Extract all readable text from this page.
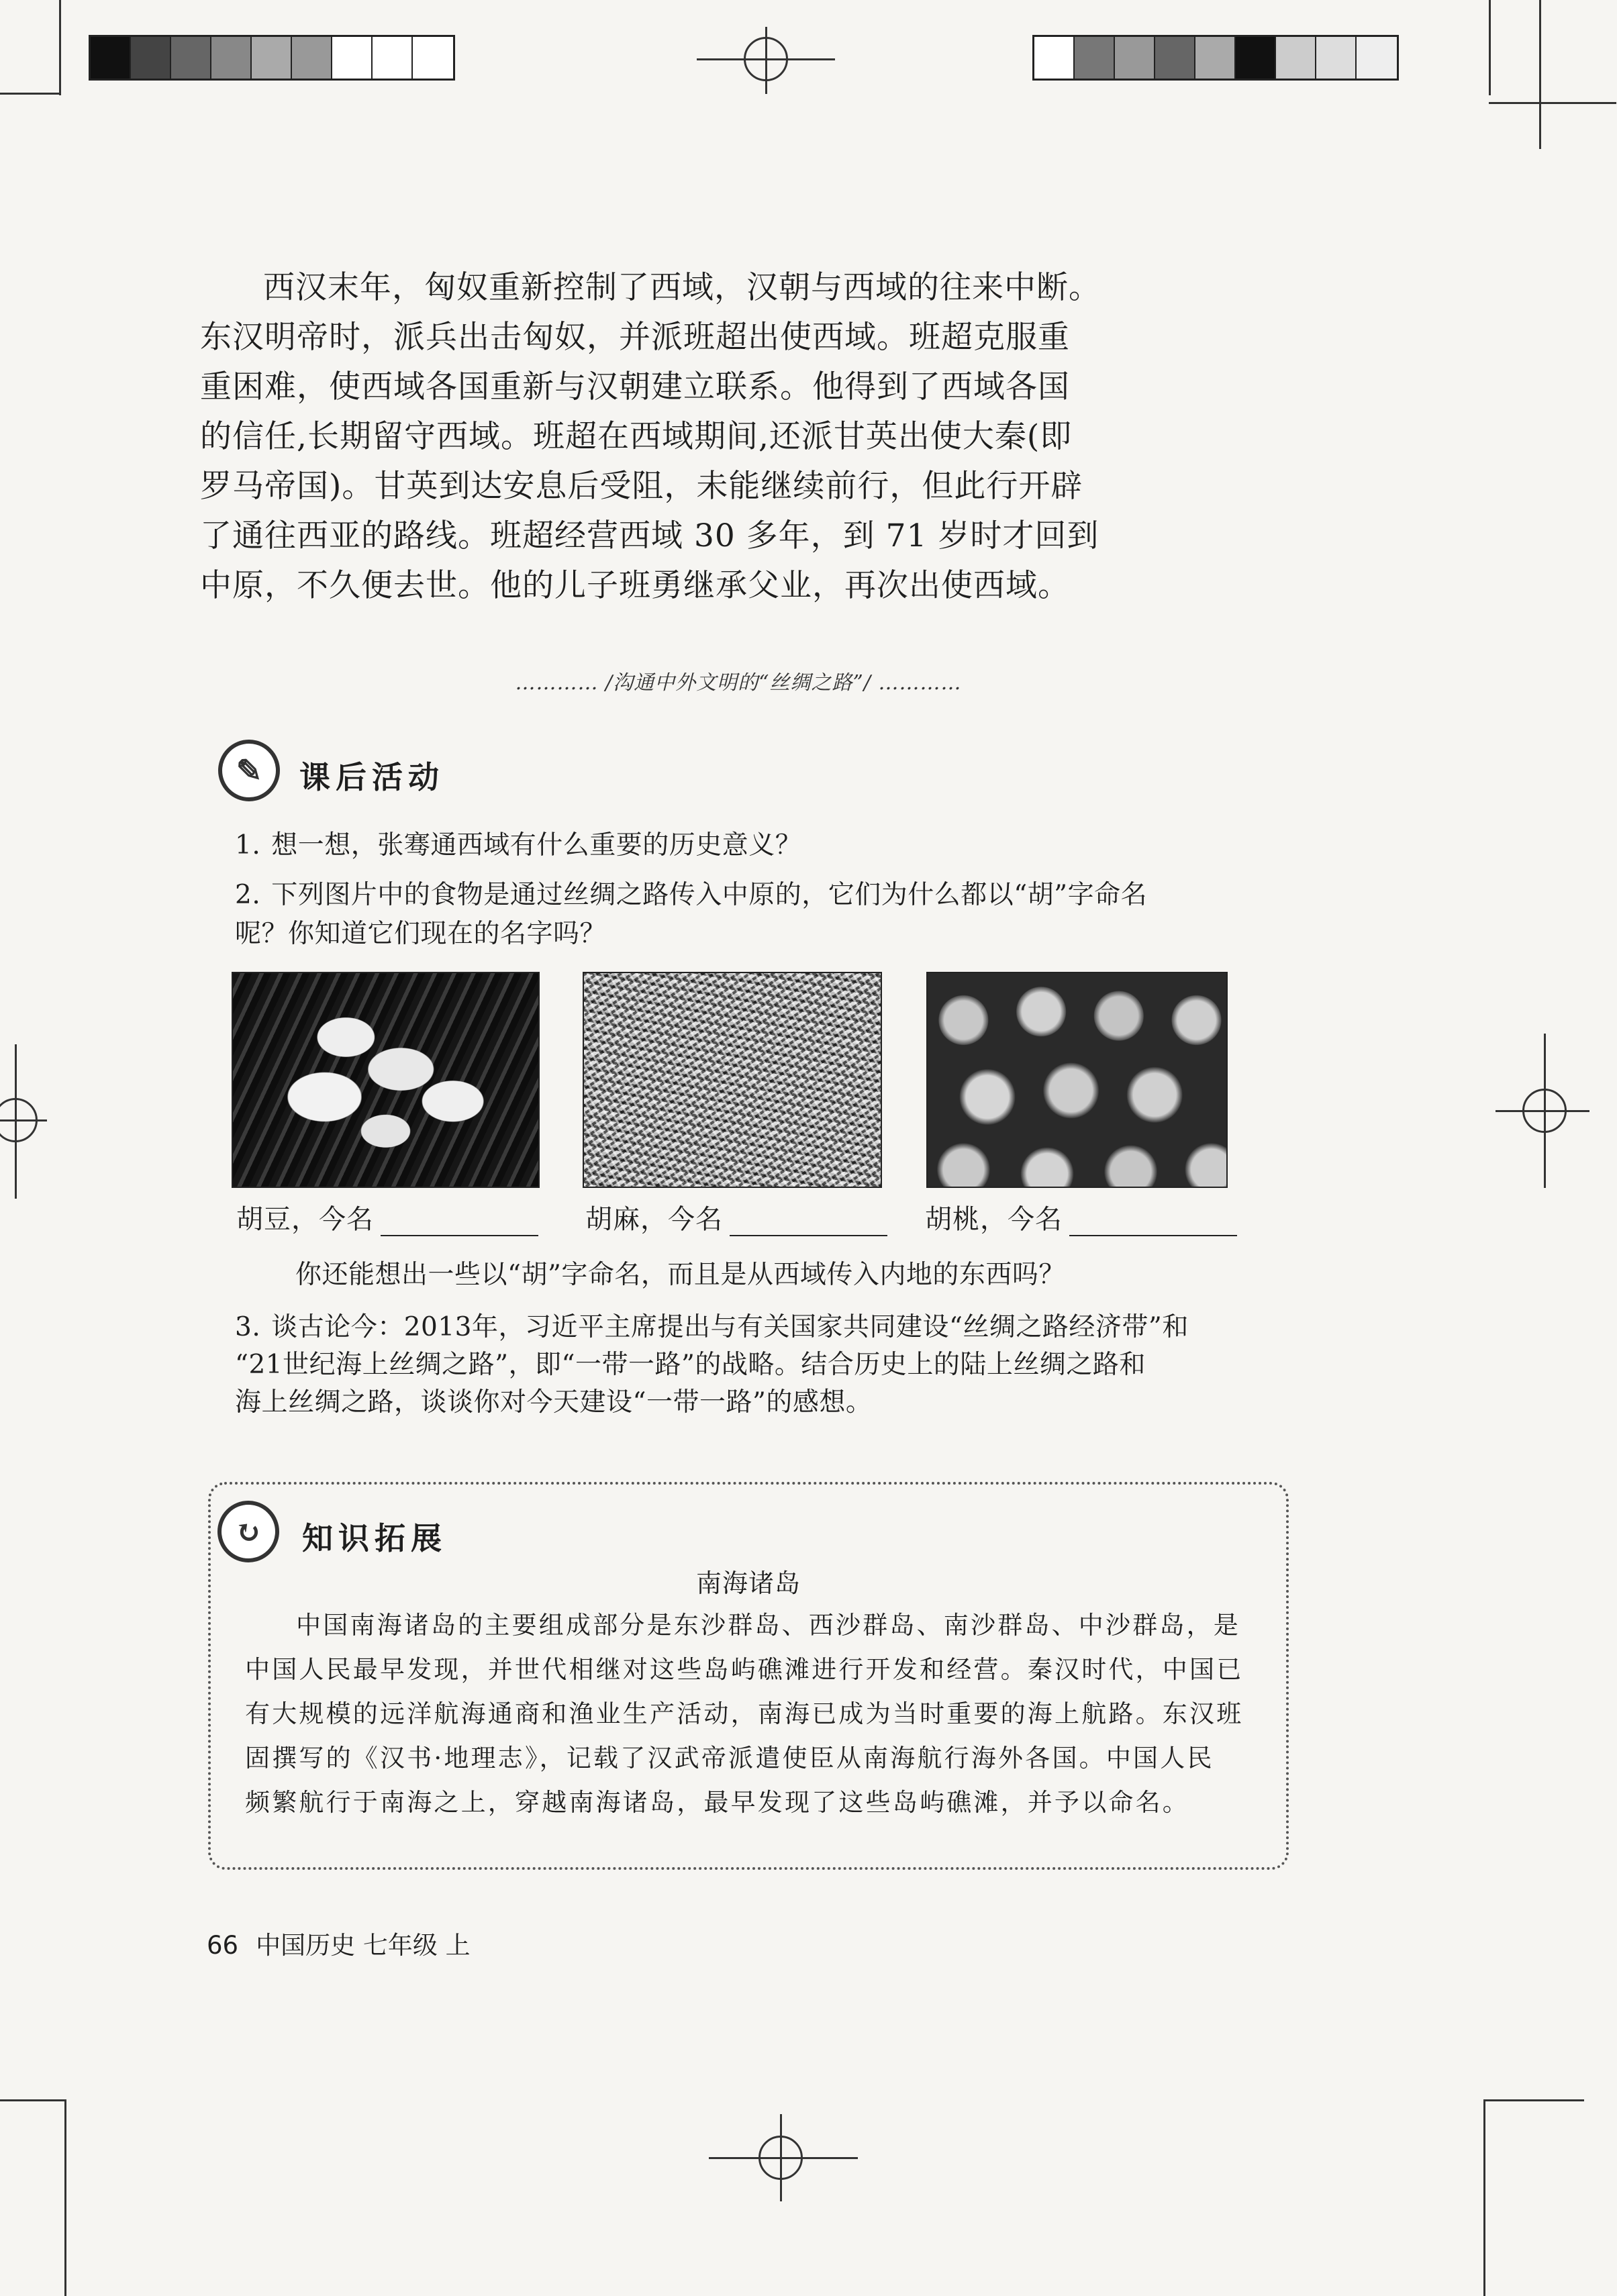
西汉末年，匈奴重新控制了西域，汉朝与西域的往来中断。
东汉明帝时，派兵出击匈奴，并派班超出使西域。班超克服重
重困难，使西域各国重新与汉朝建立联系。他得到了西域各国
的信任,长期留守西域。班超在西域期间,还派甘英出使大秦(即
罗马帝国)。甘英到达安息后受阻，未能继续前行，但此行开辟
了通往西亚的路线。班超经营西域 30 多年，到 71 岁时才回到
中原，不久便去世。他的儿子班勇继承父业，再次出使西域。
………… /沟通中外文明的“丝绸之路”/ …………
✎	课后活动
1. 想一想，张骞通西域有什么重要的历史意义？
2. 下列图片中的食物是通过丝绸之路传入中原的，它们为什么都以“胡”字命名
呢？你知道它们现在的名字吗？
胡豆，今名	胡麻，今名	胡桃，今名
你还能想出一些以“胡”字命名，而且是从西域传入内地的东西吗？
3. 谈古论今：2013年，习近平主席提出与有关国家共同建设“丝绸之路经济带”和
“21世纪海上丝绸之路”，即“一带一路”的战略。结合历史上的陆上丝绸之路和
海上丝绸之路，谈谈你对今天建设“一带一路”的感想。
↻	知识拓展
南海诸岛
中国南海诸岛的主要组成部分是东沙群岛、西沙群岛、南沙群岛、中沙群岛，是
中国人民最早发现，并世代相继对这些岛屿礁滩进行开发和经营。秦汉时代，中国已
有大规模的远洋航海通商和渔业生产活动，南海已成为当时重要的海上航路。东汉班
固撰写的《汉书·地理志》，记载了汉武帝派遣使臣从南海航行海外各国。中国人民
频繁航行于南海之上，穿越南海诸岛，最早发现了这些岛屿礁滩，并予以命名。
66 中国历史 七年级 上
